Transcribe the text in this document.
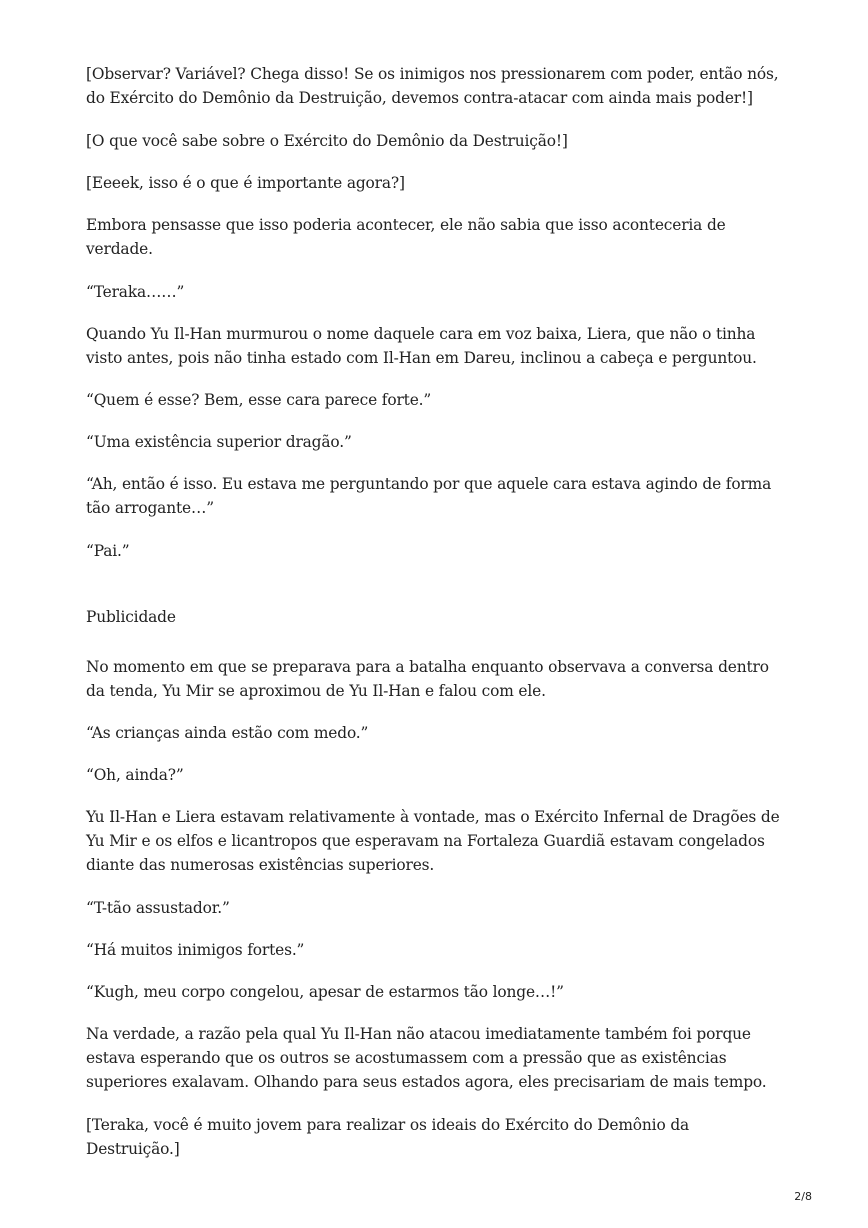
[Observar? Variável? Chega disso! Se os inimigos nos pressionarem com poder, então nós,
do Exército do Demônio da Destruição, devemos contra-atacar com ainda mais poder!]
[O que você sabe sobre o Exército do Demônio da Destruição!]
[Eeeek, isso é o que é importante agora?]
Embora pensasse que isso poderia acontecer, ele não sabia que isso aconteceria de
verdade.
“Teraka……”
Quando Yu Il-Han murmurou o nome daquele cara em voz baixa, Liera, que não o tinha
visto antes, pois não tinha estado com Il-Han em Dareu, inclinou a cabeça e perguntou.
“Quem é esse? Bem, esse cara parece forte.”
“Uma existência superior dragão.”
“Ah, então é isso. Eu estava me perguntando por que aquele cara estava agindo de forma
tão arrogante…”
“Pai.”
Publicidade
No momento em que se preparava para a batalha enquanto observava a conversa dentro
da tenda, Yu Mir se aproximou de Yu Il-Han e falou com ele.
“As crianças ainda estão com medo.”
“Oh, ainda?”
Yu Il-Han e Liera estavam relativamente à vontade, mas o Exército Infernal de Dragões de
Yu Mir e os elfos e licantropos que esperavam na Fortaleza Guardiã estavam congelados
diante das numerosas existências superiores.
“T-tão assustador.”
“Há muitos inimigos fortes.”
“Kugh, meu corpo congelou, apesar de estarmos tão longe…!”
Na verdade, a razão pela qual Yu Il-Han não atacou imediatamente também foi porque
estava esperando que os outros se acostumassem com a pressão que as existências
superiores exalavam. Olhando para seus estados agora, eles precisariam de mais tempo.
[Teraka, você é muito jovem para realizar os ideais do Exército do Demônio da
Destruição.]
2/8
